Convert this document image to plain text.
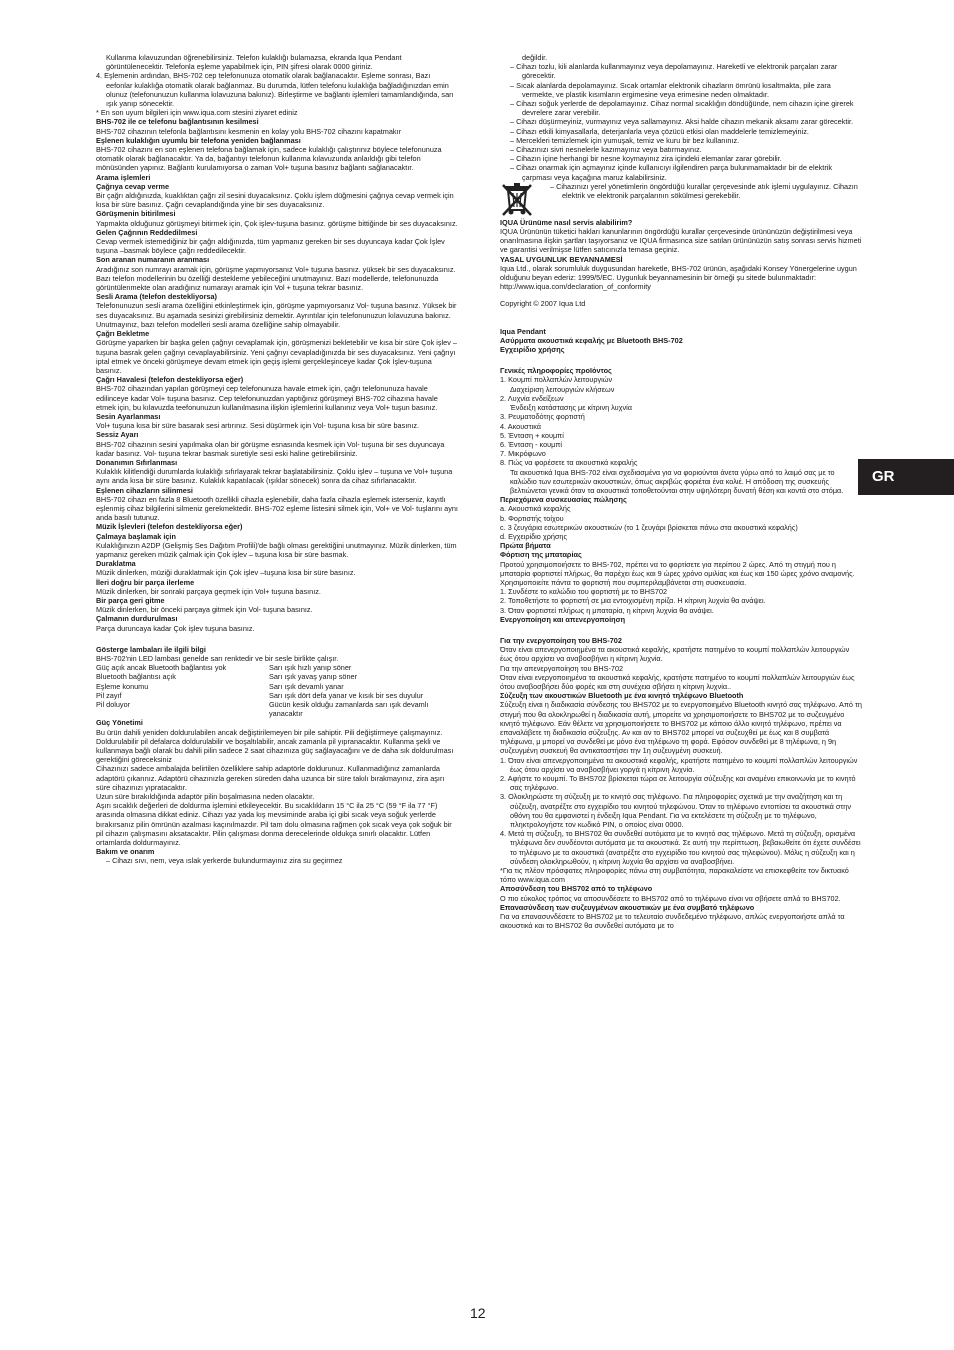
Kullanma kılavuzundan öğrenebilirsiniz. Telefon kulaklığı bulamazsa, ekranda Iqua Pendant görüntülenecektir. Telefonla eşleme yapabilmek için, PIN şifresi olarak 0000 giriniz.
4. Eşlemenin ardından, BHS-702 cep telefonunuza otomatik olarak bağlanacaktır. Eşleme sonrası, Bazı eefonlar kulaklığa otomatik olarak bağlanmaz. Bu durumda, lütfen telefonu kulaklığa bağladığınızdan emin olunuz (telefonunuzun kullanma kılavuzuna bakınız). Birleştirme ve bağlantı işlemleri tamamlandığında, sarı ışık yanıp sönecektir.
* En son uyum bilgileri için www.iqua.com stesini ziyaret ediniz
BHS-702 ile ce telefonu bağlantısının kesilmesi
BHS-702 cihazının telefonla bağlantısını kesmenin en kolay yolu BHS-702 cihazını kapatmakır
Eşlenen kulaklığın uyumlu bir telefona yeniden bağlanması
BHS-702 cihazını en son eşlenen telefona bağlamak için, sadece kulaklığı çalıştırınız böylece telefonunuza otomatik olarak bağlanacaktır. Ya da, bağantıyı telefonun kullanma kılavuzunda anlaıldığı gibi telefon mönüsünden yapınız. Bağlantı kurulamıyorsa o zaman Vol+ tuşuna basınız bağlantı sağlanacaktır.
Arama işlemleri
Çağrıya cevap verme
Bir çağrı aldığınızda, kuaklıktan çağrı zil sesini duyacaksınız. Çoklu işlem düğmesini çağrıya cevap vermek için kısa bir süre basınız. Çağrı cevaplandığında yine bir ses duyacaksınız.
Görüşmenin bitirilmesi
Yapmakta olduğunuz görüşmeyi bitirmek için, Çok işlev-tuşuna basınız. görüşme bittiğinde bir ses duyacaksınız.
Gelen Çağrının Reddedilmesi
Cevap vermek istemediğiniz bir çağrı aldığınızda, tüm yapmanız gereken bir ses duyuncaya kadar Çok İşlev tuşuna –basmak böylece çağrı reddedilecektir.
Son aranan numaranın aranması
Aradığınız son numrayı aramak için, görüşme yapmıyorsanız Vol+ tuşuna basınız. yüksek bir ses duyacaksınız. Bazı telefon modellerinin bu özelliği destekleme yebileceğini unutmayınız. Bazı modellerde, telefonunuzda görüntülenmekte olan aradığınız numarayı aramak için Vol + tuşuna tekrar basınız.
Sesli Arama (telefon destekliyorsa)
Telefonunuzun sesli arama özelliğini etkinleştirmek için, görüşme yapmıyorsanız Vol- tuşuna basınız. Yüksek bir ses duyacaksınız. Bu aşamada sesinizi girebilirsiniz demektir. Ayrıntılar için telefonunuzun kılavuzuna bakınız. Unutmayınız, bazı telefon modelleri sesli arama özelliğine sahip olmayabilir.
Çağrı Bekletme
Görüşme yaparken bir başka gelen çağrıyı cevaplamak için, görüşmenizi bekletebilir ve kısa bir süre Çok işlev – tuşuna basrak gelen çağrıyı cevaplayabilirsiniz. Yeni çağrıyı cevapladığınızda bir ses duyacaksınız. Yeni çağrıyı iptal etmek ve önceki görüşmeye devam etmek için geçiş işlemi gerçekleşinceye kadar Çok İşlev-tuşuna basınız.
Çağrı Havalesi (telefon destekliyorsa eğer)
BHS-702 cihazından yapılan görüşmeyi cep telefonunuza havale etmek için, çağrı telefonunuza havale edilinceye kadar Vol+ tuşuna basınız. Cep telefonunuzdan yaptığınız görüşmeyi BHS-702 cihazına havale etmek için, bu kılavuzda teefonunuzun kullanılmasına ilişkin işlemlerini kullanınız veya Vol+ tuşun basınız.
Sesin Ayarlanması
Vol+ tuşuna kısa bir süre basarak sesi artırınız. Sesi düşürmek için Vol- tuşuna kısa bir süre basınız.
Sessiz Ayarı
BHS-702 cihazının sesini yapılmaka olan bir görüşme esnasında kesmek için Vol- tuşuna bir ses duyuncaya kadar basınız. Vol- tuşuna tekrar basmak suretiyle sesi eski haline getirebilirsiniz.
Donanımın Sıfırlanması
Kulaklık kilitlendiği durumlarda kulaklığı sıfırlayarak tekrar başlatabilirsiniz. Çoklu işlev – tuşuna ve Vol+ tuşuna aynı anda kısa bir süre basınız. Kulaklık kapatılacak (ışıklar sönecek) sonra da cihaz sıfırlanacaktır.
Eşlenen cihazların silinmesi
BHS-702 cihazı en fazla 8 Bluetooth özellikli cihazla eşlenebilir, daha fazla cihazla eşlemek isterseniz, kayıtlı eşlenmiş cihaz bilgilerini silmeniz gerekmektedir. BHS-702 eşleme listesini silmek için, Vol+ ve Vol- tuşlarını aynı anda basılı tutunuz.
Müzik İşlevleri (telefon destekliyorsa eğer)
Çalmaya başlamak için
Kulaklığınızın A2DP (Gelişmiş Ses Dağıtım Profili)'de bağlı olması gerektiğini unutmayınız. Müzik dinlerken, tüm yapmanız gereken müzik çalmak için Çok işlev – tuşuna kısa bir süre basmak.
Duraklatma
Müzik dinlerken, müziği duraklatmak için Çok işlev –tuşuna kısa bir süre basınız.
İleri doğru bir parça ilerleme
Müzik dinlerken, bir sonraki parçaya geçmek için Vol+ tuşuna basınız.
Bir parça geri gitme
Müzik dinlerken, bir önceki parçaya gitmek için Vol- tuşuna basınız.
Çalmanın durdurulması
Parça duruncaya kadar Çok işlev tuşuna basınız.
Gösterge lambaları ile ilgili bilgi
BHS-702'nin LED lambası genelde sarı renktedir ve bir sesle birlikte çalışır.
Güç açık ancak Bluetooth bağlantısı yok	Sarı ışık hızlı yanıp söner
Bluetooth bağlantısı açık	Sarı ışık yavaş yanıp söner
Eşleme konumu	Sarı ışık devamlı yanar
Pil zayıf	Sarı ışık dört defa yanar ve kısık bir ses duyulur
Pil doluyor	Gücün kesik olduğu zamanlarda sarı ışık devamlı yanacaktır
Güç Yönetimi
Bu ürün dahili yeniden doldurulabilen ancak değiştirilemeyen bir pile sahiptir. Pili değiştirmeye çalışmayınız. Doldurulabilir pil defalarca doldurulabilir ve boşaltılabilir, ancak zamanla pil yıpranacaktır. Kullanma şekli ve kullanmaya bağlı olarak bu dahili pilin sadece 2 saat cihazınıza güç sağlayacağını ve de daha sık doldurulması gerektiğini göreceksiniz
Cihazınızı sadece ambalajda belirtilen özelliklere sahip adaptörle doldurunuz. Kullanmadığınız zamanlarda adaptörü çıkarınız. Adaptörü cihazınızla gereken süreden daha uzunca bir süre takılı bırakmayınız, zira aşırı süre cihazınızı yıpratacaktır.
Uzun süre bırakıldığında adaptör pilin boşalmasına neden olacaktır.
Aşırı sıcaklık değerleri de doldurma işlemini etkileyecektir. Bu sıcaklıkların 15 °C ila 25 °C (59 °F ila 77 °F) arasında olmasına dikkat ediniz. Cihazı yaz yada kış mevsiminde araba içi gibi sıcak veya soğuk yerlerde bırakırsanız pilin ömrünün azalması kaçınılmazdır. Pil tam dolu olmasına rağmen çok sıcak veya çok soğuk bir pil cihazın çalışmasını aksatacaktır. Pilin çalışması donma derecelerinde oldukça sınırlı olacaktır. Lütfen ortamlarda doldurmayınız.
Bakım ve onarım
– Cihazı sıvı, nem, veya ıslak yerkerde bulundurmayınız zira su geçirmez
değildir.
– Cihazı tozlu, kili alanlarda kullanmayınız veya depolamayınız. Hareketli ve elektronik parçaları zarar görecektir.
– Sıcak alanlarda depolamayınız. Sıcak ortamlar elektronik cihazların ömrünü kısaltmakta, pile zara vermekte, ve plastik kısımların ergimesine veya erimesine neden olmaktadır.
– Cihazı soğuk yerlerde de depolamayınız. Cihaz normal sıcaklığın döndüğünde, nem cihazın içine girerek devrelere zarar verebilir.
– Cihazı düşürmeyiniz, vurmayınız veya sallamayınız. Aksi halde cihazın mekanik aksamı zarar görecektir.
– Cihazı etkili kimyasallarla, deterjanlarla veya çözücü etkisi olan maddelerle temizlemeyiniz.
– Mercekleri temizlemek için yumuşak, temiz ve kuru bir bez kullanınız.
– Cihazınızı sivri nesnelerle kazımayınız veya batırmayınız.
– Cihazın içine herhangi bir nesne koymayınız zira içindeki elemanlar zarar görebilir.
– Cihazı onarmak için açmayınız içinde kullanıcıyı ilgilendiren parça bulunmamaktadır bir de elektrik çarpması veya kaçağına maruz kalabilirsiniz.
– Cihazınızı yerel yönetimlerin öngördüğü kurallar çerçevesinde atık işlemi uygulayınız. Cihazın elektrik ve elektronik parçalarının sökülmesi gerekebilir.
IQUA Ürünüme nasıl servis alabilirim?
IQUA Ürününün tüketici hakları kanunlarının öngördüğü kurallar çerçevesinde ürününüzün değiştirilmesi veya onarılmasına ilişkin şartları taşıyorsanız ve IQUA firmasınca size satılan ürününüzün satış sonrası servis hizmeti ve garantisi verilmişse lütfen satıcınızla temasa geçiniz.
YASAL UYGUNLUK BEYANNAMESİ
Iqua Ltd., olarak sorumluluk duygusundan hareketle, BHS-702 ürünün, aşağıdaki Konsey Yönergelerine uygun olduğunu beyan ederiz: 1999/5/EC. Uygunluk beyannamesinin bir örneği şu sitede bulunmaktadır: http://www.iqua.com/declaration_of_conformity
Copyright © 2007 Iqua Ltd
Iqua Pendant
Ασύρματα ακουστικά κεφαλής με Bluetooth BHS-702
Εγχειρίδιο χρήσης
Γενικές πληροφορίες προϊόντος
1. Κουμπί πολλαπλών λειτουργιών
Διαχείριση λειτουργιών κλήσεων
2. Λυχνία ενδείξεων
Ένδειξη κατάστασης με κίτρινη λυχνία
3. Ρευματοδότης φορτιστή
4. Ακουστικά
5. Ένταση + κουμπί
6. Ένταση - κουμπί
7. Μικρόφωνο
8. Πώς να φορέσετε τα ακουστικά κεφαλής
Τα ακουστικά Iqua BHS-702 είναι σχεδιασμένα για να φοριούνται άνετα γύρω από το λαιμό σας με το καλώδιο των εσωτερικών ακουστικών, όπως ακριβώς φοριέται ένα κολιέ. Η απόδοση της συσκευής βελτιώνεται γενικά όταν τα ακουστικά τοποθετούνται στην υψηλότερη δυνατή θέση και κοντά στο στόμα.
Περιεχόμενα συσκευασίας πώλησης
a. Ακουστικά κεφαλής
b. Φορτιστής τοίχου
c. 3 ζευγάρια εσωτερικών ακουστικών (το 1 ζευγάρι βρίσκεται πάνω στα ακουστικά κεφαλής)
d. Εγχειρίδιο χρήσης
Πρώτα βήματα
Φόρτιση της μπαταρίας
Προτού χρησιμοποιήσετε το BHS-702, πρέπει να το φορτίσετε για περίπου 2 ώρες. Από τη στιγμή που η μπαταρία φορτιστεί πλήρως, θα παρέχει έως και 9 ώρες χρόνο ομιλίας και έως και 150 ώρες χρόνο αναμονής. Χρησιμοποιείτε πάντα το φορτιστή που συμπεριλαμβάνεται στη συσκευασία.
1. Συνδέστε το καλώδιο του φορτιστή με το BHS702
2. Τοποθετήστε το φορτιστή σε μια εντοιχισμένη πρίζα. Η κίτρινη λυχνία θα ανάψει.
3. Όταν φορτιστεί πλήρως η μπαταρία, η κίτρινη λυχνία θα ανάψει.
Ενεργοποίηση και απενεργοποίηση
Για την ενεργοποίηση του BHS-702
Όταν είναι απενεργοποιημένα τα ακουστικά κεφαλής, κρατήστε πατημένο το κουμπί πολλαπλών λειτουργιών έως ότου αρχίσει να αναβοσβήνει η κίτρινη λυχνία.
Για την απενεργοποίηση του BHS-702
Όταν είναι ενεργοποιημένα τα ακουστικά κεφαλής, κρατήστε πατημένο το κουμπί πολλαπλών λειτουργιών έως ότου αναβοσβήσει δύο φορές και στη συνέχεια σβήσει η κίτρινη λυχνία..
Σύζευξη των ακουστικών Bluetooth με ένα κινητό τηλέφωνο Bluetooth
Σύζευξη είναι η διαδικασία σύνδεσης του BHS702 με το ενεργοποιημένο Bluetooth κινητό σας τηλέφωνο. Από τη στιγμή που θα ολοκληρωθεί η διαδικασία αυτή, μπορείτε να χρησιμοποιήσετε το BHS702 με το συζευγμένο κινητό τηλέφωνο. Εάν θέλετε να χρησιμοποιήσετε το BHS702 με κάποιο άλλο κινητό τηλέφωνο, πρέπει να επαναλάβετε τη διαδικασία σύζευξης. Αν και αν το BHS702 μπορεί να συζευχθεί με έως και 8 συμβατά τηλέφωνα, μ μπορεί να συνδεθεί με μόνο ένα τηλέφωνο τη φορά. Εφόσον συνδεθεί με 8 τηλέφωνα, η 9η συζευγμένη συσκευή θα αντικαταστήσει την 1η συζευγμένη συσκευή.
1. Όταν είναι απενεργοποιημένα τα ακουστικά κεφαλής, κρατήστε πατημένο το κουμπί πολλαπλών λειτουργιών έως ότου αρχίσει να αναβοσβήνει γοργά η κίτρινη λυχνία.
2. Αφήστε το κουμπί. Το BHS702 βρίσκεται τώρα σε λειτουργία σύζευξης και αναμένει επικοινωνία με το κινητό σας τηλέφωνο.
3. Ολοκληρώστε τη σύζευξη με το κινητό σας τηλέφωνο. Για πληροφορίες σχετικά με την αναζήτηση και τη σύζευξη, ανατρέξτε στο εγχειρίδιο του κινητού τηλεφώνου. Όταν το τηλέφωνο εντοπίσει τα ακουστικά στην οθόνη του θα εμφανιστεί η ένδειξη Iqua Pendant. Για να εκτελέσετε τη σύζευξη με το τηλέφωνο, πληκτρολογήστε τον κωδικό PIN, ο οποίος είναι 0000.
4. Μετά τη σύζευξη, το BHS702 θα συνδεθεί αυτόματα με το κινητό σας τηλέφωνο. Μετά τη σύζευξη, ορισμένα τηλέφωνα δεν συνδέονται αυτόματα με τα ακουστικά. Σε αυτή την περίπτωση, βεβαιωθείτε ότι έχετε συνδέσει το τηλέφωνο με τα ακουστικά (ανατρέξτε στο εγχειρίδιο του κινητού σας τηλεφώνου). Μόλις η σύζευξη και η σύνδεση ολοκληρωθούν, η κίτρινη λυχνία θα αρχίσει να αναβοσβήνει.
*Για τις πλέον πρόσφατες πληροφορίες πάνω στη συμβατότητα, παρακαλείστε να επισκεφθείτε τον δικτυακό τόπο www.iqua.com
Αποσύνδεση του BHS702 από το τηλέφωνο
Ο πιο εύκολος τρόπος να αποσυνδέσετε το BHS702 από το τηλέφωνο είναι να σβήσετε απλά το BHS702.
Επανασύνδεση των συζευγμένων ακουστικών με ένα συμβατό τηλέφωνο
Για να επανασυνδέσετε το BHS702 με το τελευταίο συνδεδεμένο τηλέφωνο, απλώς ενεργοποιήστε απλά τα ακουστικά και το BHS702 θα συνδεθεί αυτόματα με το
GR
12
